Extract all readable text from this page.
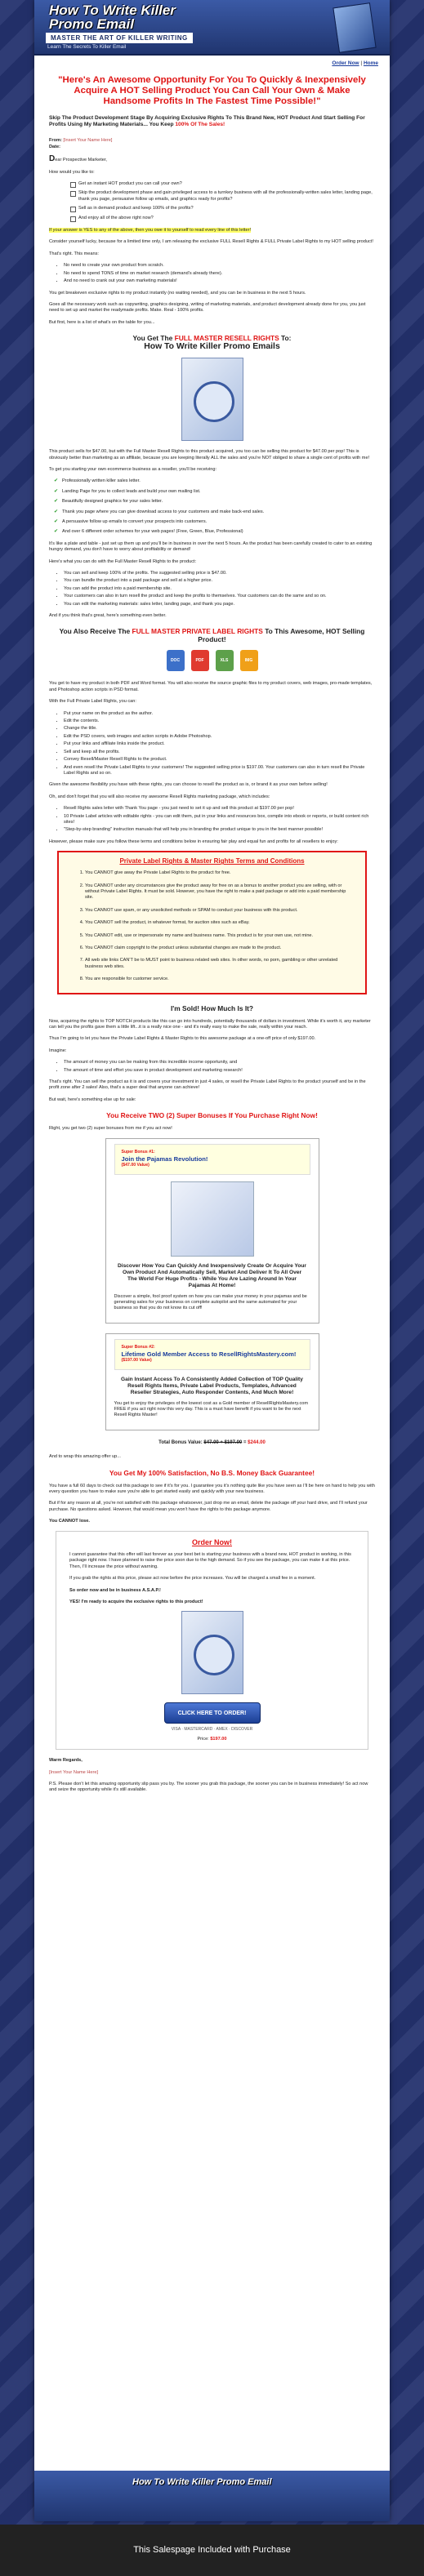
How To Write Killer
Promo Email
MASTER THE ART OF KILLER WRITING
Learn The Secrets To Killer Email
Order Now | Home
"Here's An Awesome Opportunity For You To Quickly & Inexpensively Acquire A HOT Selling Product You Can Call Your Own & Make Handsome Profits In The Fastest Time Possible!"
Skip The Product Development Stage By Acquiring Exclusive Rights To This Brand New, HOT Product And Start Selling For Profits Using My Marketing Materials... You Keep 100% Of The Sales!
From: [Insert Your Name Here]
Date:
Dear Prospective Marketer,
How would you like to:
Get an instant HOT product you can call your own?
Skip the product development phase and gain privileged access to a turnkey business with all the professionally-written sales letter, landing page, thank you page, persuasive follow up emails, and graphics ready for profits?
Sell as in demand product and keep 100% of the profits?
And enjoy all of the above right now?
If your answer is YES to any of the above, then you owe it to yourself to read every line of this letter!
Consider yourself lucky, because for a limited time only, I am releasing the exclusive FULL Resell Rights & FULL Private Label Rights to my HOT selling product!
That's right. This means:
• No need to create your own product from scratch.
• No need to spend TONS of time on market research (demand's already there).
• And no need to crank out your own marketing materials!
You get breakeven exclusive rights to my product instantly (no waiting needed), and you can be in business in the next 5 hours.
Goes all the necessary work such as copywriting, graphics designing, writing of marketing materials, and product development already done for you, you just need to set up and market the readymade profits. Make. Real - 100% profits.
But first, here is a list of what's on the table for you...
You Get The FULL MASTER RESELL RIGHTS To:
How To Write Killer Promo Emails
This product sells for $47.00, but with the Full Master Resell Rights to this product acquired, you too can be selling this product for $47.00 per pop! This is obviously better than marketing as an affiliate, because you are keeping literally ALL the sales and you're NOT obliged to share a single cent of profits with me!
To get you starting your own ecommerce business as a reseller, you'll be receiving:
✔ Professionally written killer sales letter.
✔ Landing Page for you to collect leads and build your own mailing list.
✔ Beautifully designed graphics for your sales letter.
✔ Thank you page where you can give download access to your customers and make back-end sales.
✔ A persuasive follow up emails to convert your prospects into customers.
✔ And over 6 different order schemes for your web pages! (Free, Green, Blue, Professional)
It's like a plate and table - just set up them up and you'll be in business in over the next 5 hours. As the product has been carefully created to cater to an existing hungry demand, you don't have to worry about profitability or demand!
Here's what you can do with the Full Master Resell Rights to the product:
• You can sell and keep 100% of the profits. The suggested selling price is $47.00.
• You can bundle the product into a paid package and sell at a higher price.
• You can add the product into a paid membership site.
• Your customers can also in turn resell the product and keep the profits to themselves. Your customers can do the same and so on.
• You can edit the marketing materials: sales letter, landing page, and thank you page.
And if you think that's great, here's something even better.
You Also Receive The FULL MASTER PRIVATE LABEL RIGHTS To This Awesome, HOT Selling Product!
DOC	PDF	XLS	IMG
You get to have my product in both PDF and Word format. You will also receive the source graphic files to my product covers, web images, pro-made templates, and Photoshop action scripts in PSD format.
With the Full Private Label Rights, you can:
• Put your name on the product as the author.
• Edit the contents.
• Change the title.
• Edit the PSD covers, web images and action scripts in Adobe Photoshop.
• Put your links and affiliate links inside the product.
• Sell and keep all the profits.
• Convey Resell/Master Resell Rights to the product.
• And even resell the Private Label Rights to your customers! The suggested selling price is $197.00. Your customers can also in turn resell the Private Label Rights and so on.
Given the awesome flexibility you have with these rights, you can choose to resell the product as is, or brand it as your own before selling!
Oh, and don't forget that you will also receive my awesome Resell Rights marketing package, which includes:
• Resell Rights sales letter with Thank You page - you just need to set it up and sell this product at $197.00 per pop!
• 10 Private Label articles with editable rights - you can edit them, put in your links and resources box, compile into ebook or reports, or build content rich sites!
• "Step-by-step branding" instruction manuals that will help you in branding the product unique to you in the best manner possible!
However, please make sure you follow these terms and conditions below in ensuring fair play and equal fun and profits for all resellers to enjoy:
Private Label Rights & Master Rights Terms and Conditions
1. You CANNOT give away the Private Label Rights to the product for free.
2. You CANNOT under any circumstances give the product away for free on as a bonus to another product you are selling, with or without Private Label Rights. It must be sold. However, you have the right to make a paid package or add into a paid membership site.
3. You CANNOT use spam, or any unsolicited methods or SPAM to conduct your business with this product.
4. You CANNOT sell the product, in whatever format, for auction sites such as eBay.
5. You CANNOT edit, use or impersonate my name and business name. This product is for your own use, not mine.
6. You CANNOT claim copyright to the product unless substantial changes are made to the product.
7. All web site links CAN'T be to MUST point to business related web sites. In other words, no porn, gambling or other unrelated business web sites.
8. You are responsible for customer service.
I'm Sold! How Much Is It?
Now, acquiring the rights to TOP NOTCH products like this can go into hundreds, potentially thousands of dollars in investment. While it's worth it, any marketer can tell you the profits gave them a little lift...it is a really nice one - and it's really easy to make the sale, really within your reach.
Thus I'm going to let you have the Private Label Rights & Master Rights to this awesome package at a one-off price of only $197.00.
Imagine:
• The amount of money you can be making from this incredible income opportunity, and
• The amount of time and effort you save in product development and marketing research!
That's right. You can sell the product as it is and covers your investment in just 4 sales, or resell the Private Label Rights to the product yourself and be in the profit zone after 2 sales! Also, that's a super deal that anyone can achieve!
But wait, here's something else up for sale:
You Receive TWO (2) Super Bonuses If You Purchase Right Now!
Right, you get two (2) super bonuses from me if you act now!
Super Bonus #1:
Join the Pajamas Revolution!
($47.00 Value)
Discover How You Can Quickly And Inexpensively Create Or Acquire Your Own Product And Automatically Sell, Market And Deliver It To All Over The World For Huge Profits - While You Are Lazing Around In Your Pajamas At Home!
Discover a simple, fool proof system on how you can make your money in your pajamas and be generating sales for your business on complete autopilot and the same automated for your business so that you do not know its cut off!
Super Bonus #2:
Lifetime Gold Member Access to ResellRightsMastery.com!
($197.00 Value)
Gain Instant Access To A Consistently Added Collection of TOP Quality Resell Rights Items, Private Label Products, Templates, Advanced Reseller Strategies, Auto Responder Contents, And Much More!
You get to enjoy the privileges of the lowest cost as a Gold member of ResellRightsMastery.com FREE if you act right now this very day. This is a must have benefit if you want to be the next Resell Rights Master!
Total Bonus Value: $47.00 + $197.00 = $244.00
And to wrap this amazing offer up...
You Get My 100% Satisfaction, No B.S. Money Back Guarantee!
You have a full 60 days to check out this package to see if it's for you. I guarantee you it's nothing quite like you have seen as I'll be here on hand to help you with every question you have to make sure you're able to get started easily and quickly with your new business.
But if for any reason at all, you're not satisfied with this package whatsoever, just drop me an email, delete the package off your hard drive, and I'll refund your purchase. No questions asked. However, that would mean you won't have the rights to this package anymore.
You CANNOT lose.
Order Now!
I cannot guarantee that this offer will last forever as your best bet is starting your business with a brand new, HOT product in working, in this package right now. I have planned to raise the price soon due to the high demand. So if you see the package, you can make it at this price. Then, I'll increase the price without warning.
If you grab the rights at this price, please act now before the price increases. You will be charged a small fee in a moment.
So order now and be in business A.S.A.P.!
YES! I'm ready to acquire the exclusive rights to this product!
CLICK HERE TO ORDER!
VISA · MASTERCARD · AMEX · DISCOVER
Price: $197.00
Warm Regards,
[Insert Your Name Here]
P.S. Please don't let this amazing opportunity slip pass you by. The sooner you grab this package, the sooner you can be in business immediately! So act now and seize the opportunity while it's still available.
How To Write Killer Promo Email
This Salespage Included with Purchase
